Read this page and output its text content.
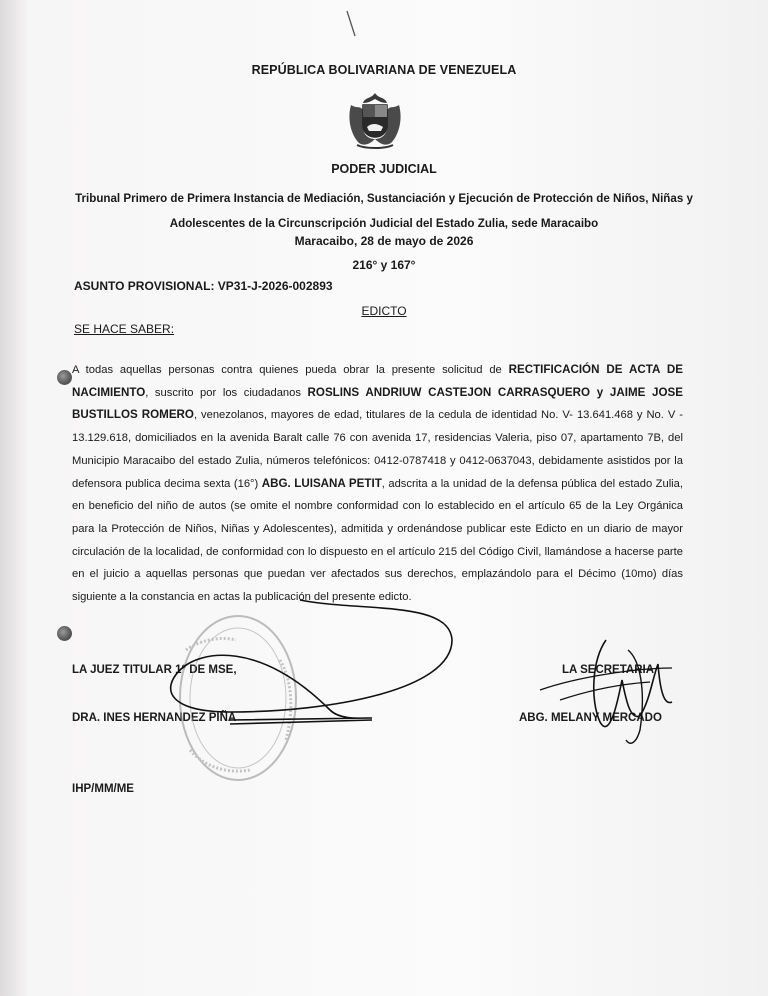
REPÚBLICA BOLIVARIANA DE VENEZUELA
PODER JUDICIAL
Tribunal Primero de Primera Instancia de Mediación, Sustanciación y Ejecución de Protección de Niños, Niñas y
Adolescentes de la Circunscripción Judicial del Estado Zulia, sede Maracaibo
Maracaibo, 28 de mayo de 2026
216° y 167°
ASUNTO PROVISIONAL: VP31-J-2026-002893
EDICTO
SE HACE SABER:
A todas aquellas personas contra quienes pueda obrar la presente solicitud de RECTIFICACIÓN DE ACTA DE NACIMIENTO, suscrito por los ciudadanos ROSLINS ANDRIUW CASTEJON CARRASQUERO y JAIME JOSE BUSTILLOS ROMERO, venezolanos, mayores de edad, titulares de la cedula de identidad No. V- 13.641.468 y No. V - 13.129.618, domiciliados en la avenida Baralt calle 76 con avenida 17, residencias Valeria, piso 07, apartamento 7B, del Municipio Maracaibo del estado Zulia, números telefónicos: 0412-0787418 y 0412-0637043, debidamente asistidos por la defensora publica decima sexta (16°) ABG. LUISANA PETIT, adscrita a la unidad de la defensa pública del estado Zulia, en beneficio del niño de autos (se omite el nombre conformidad con lo establecido en el artículo 65 de la Ley Orgánica para la Protección de Niños, Niñas y Adolescentes), admitida y ordenándose publicar este Edicto en un diario de mayor circulación de la localidad, de conformidad con lo dispuesto en el artículo 215 del Código Civil, llamándose a hacerse parte en el juicio a aquellas personas que puedan ver afectados sus derechos, emplazándolo para el Décimo (10mo) días siguiente a la constancia en actas la publicación del presente edicto.
LA JUEZ TITULAR 1° DE MSE,	LA SECRETARIA
DRA. INES HERNANDEZ PIÑA	ABG. MELANY MERCADO
IHP/MM/ME
